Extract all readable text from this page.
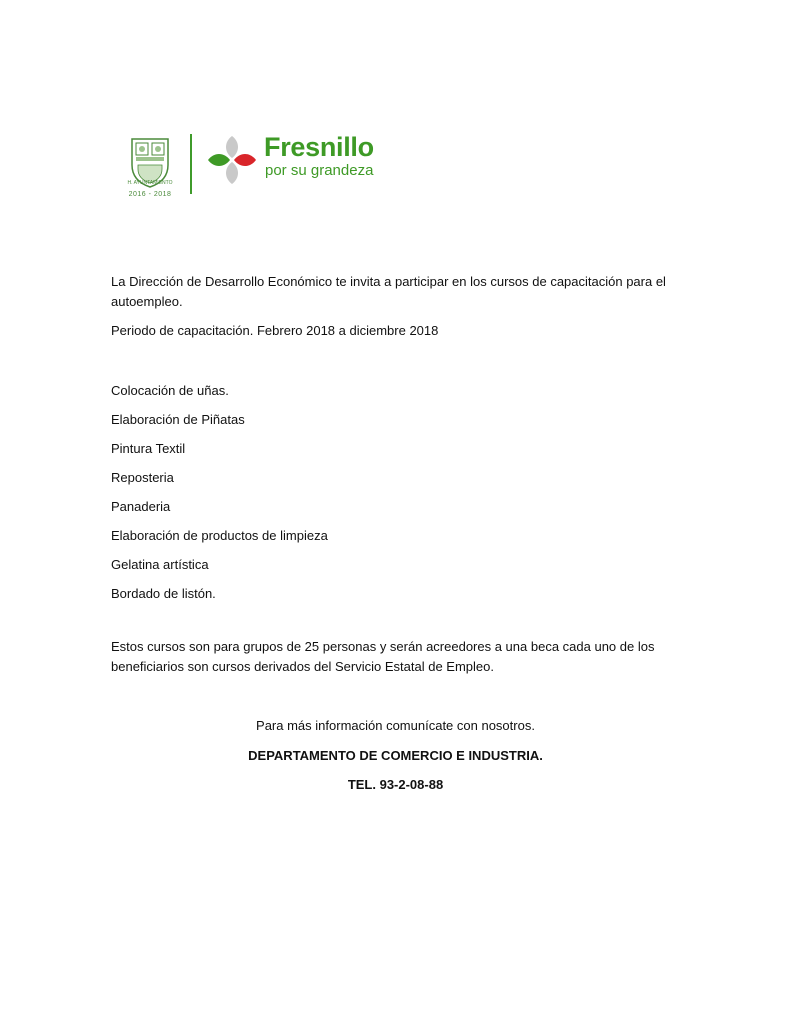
H. AYUNTAMIENTO
2016 - 2018
Fresnillo
por su grandeza

La Dirección de Desarrollo Económico te invita a participar en los cursos de capacitación para el autoempleo.

Periodo de capacitación. Febrero 2018 a diciembre 2018

Colocación de uñas.
Elaboración de Piñatas
Pintura Textil
Reposteria
Panaderia
Elaboración de productos de limpieza
Gelatina artística
Bordado de listón.

Estos cursos son para grupos de 25 personas y serán acreedores a una beca cada uno de los beneficiarios son cursos derivados del Servicio Estatal de Empleo.

Para más información comunícate con nosotros.
DEPARTAMENTO DE COMERCIO E INDUSTRIA.
TEL. 93-2-08-88
